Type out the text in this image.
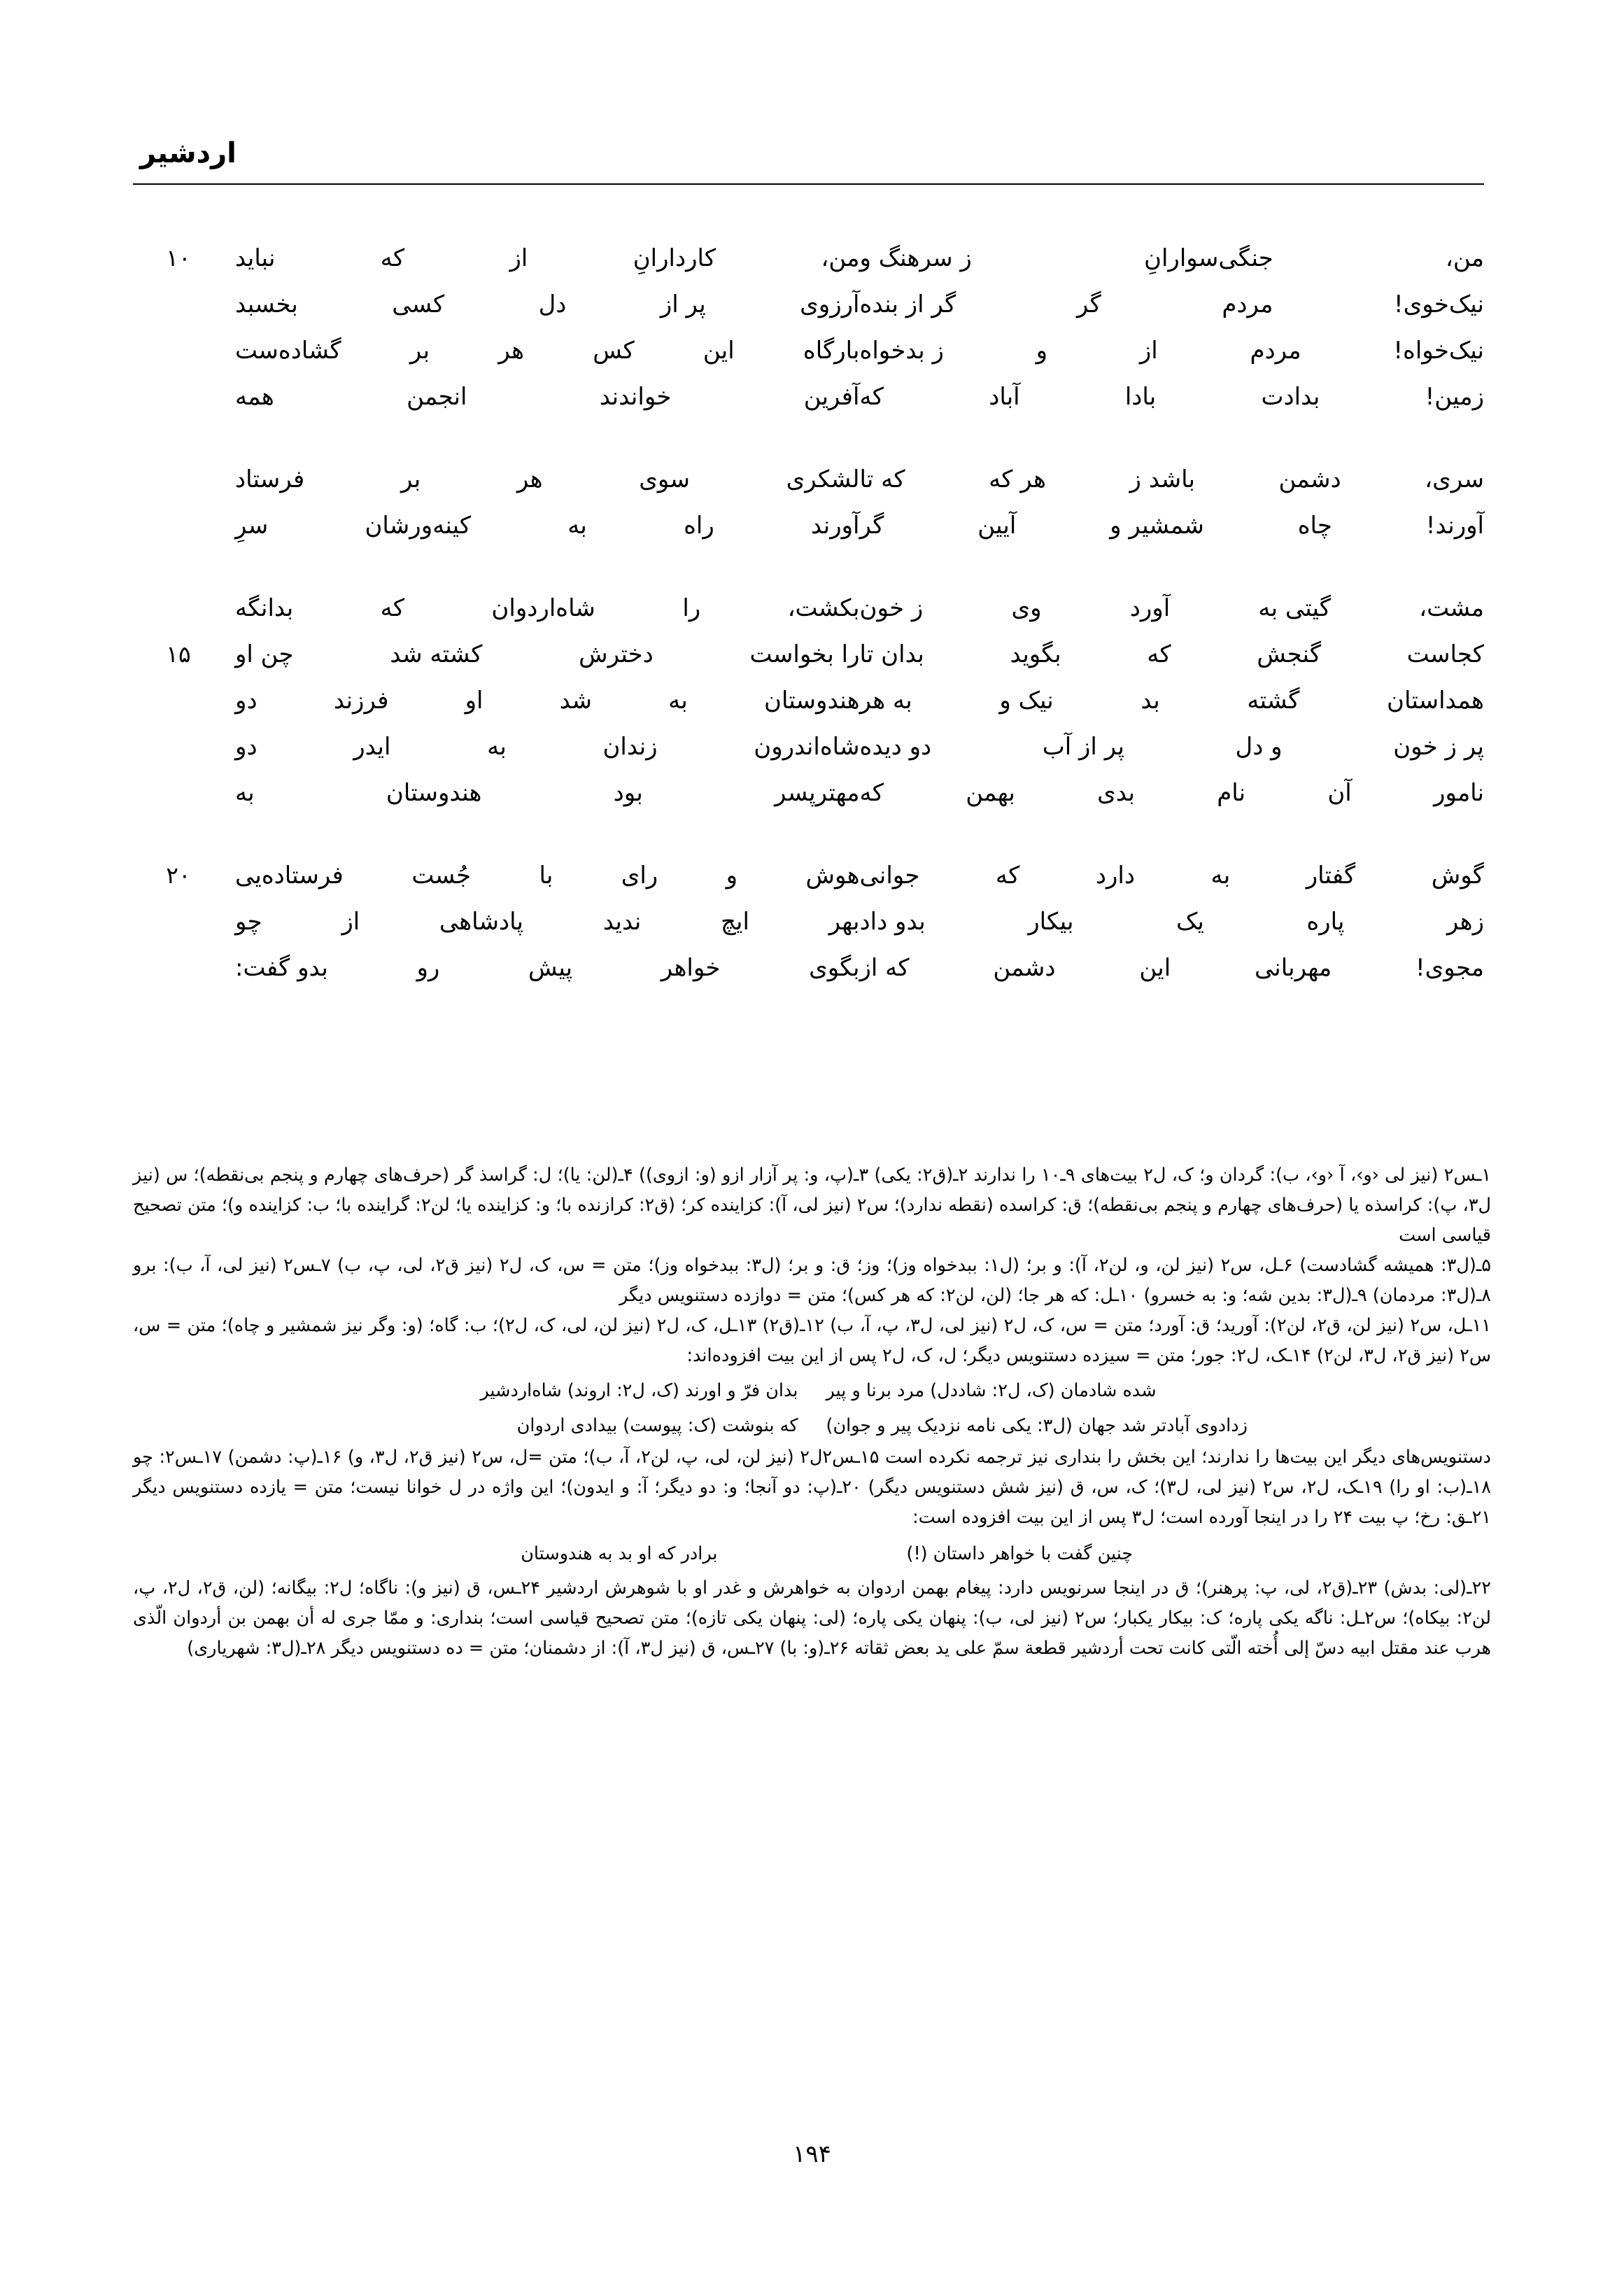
اردشیر
۱۰	نباید	که	از	کاردارانِ	من، ز سرهنگ و	جنگی‌سوارانِ	من،
بخسبد	کسی	دل	پر از	آرزوی گر از بنده	گر	مردم	نیک‌خوی!
گشاده‌ست	بر	هر	کس	این	بارگاه ز بدخواه	و	از	مردم	نیک‌خواه!
همه	انجمن	خواندند	آفرین که	آباد	بادا	بدادت	زمین!
فرستاد	بر	هر	سوی	لشکری که تا	هر که	باشد ز	دشمن	سری،
سرِ	کینه‌ورشان	به	راه	آورند گر	آیین	شمشیر و	چاه	آورند!
بدانگه	که	شاه‌اردوان	را	بکشت، ز خون	وی	آورد	گیتی به	مشت،
۱۵	چن او	کشته شد	دخترش	را بخواست بدان تا	بگوید	که	گنجش	کجاست
دو	فرزند	او	شد	به	هندوستان به هر	نیک و	بد	گشته	همداستان
دو	ایدر	به	زندان	شاه‌اندرون دو دیده	پر از آب	و دل	پر ز خون
به	هندوستان	بود	مهترپسر که	بهمن	بدی	نام	آن	نامور
۲۰	فرستاده‌یی	جُست	با	رای	و	هوش جوانی	که	دارد	به	گفتار	گوش
چو	از	پادشاهی	ندید	ایچ	بهر بدو داد	بیکار	یک	پاره	زهر
بدو گفت:	رو	پیش	خواهر	بگوی که از	دشمن	این	مهربانی	مجوی!

۱ـس۲ (نیز لی ‹و›، آ ‹و›، ب): گردان و؛ ک، ل۲ بیت‌های ۹ـ۱۰ را ندارند ۲ـ(ق۲: یکی) ۳ـ(پ، و: پر آزار ازو (و: ازوی)) ۴ـ(لن: یا)؛ ل: گراسذ گر (حرف‌های چهارم و پنجم بی‌نقطه)؛ س (نیز ل۳، پ): کراسذه یا (حرف‌های چهارم و پنجم بی‌نقطه)؛ ق: کراسده (نقطه ندارد)؛ س۲ (نیز لی، آ): کزاینده کر؛ (ق۲: کرازنده با؛ و: کزاینده یا؛ لن۲: گراینده با؛ ب: کزاینده و)؛ متن تصحیح قیاسی است

۵ـ(ل۳: همیشه گشادست) ۶ـل، س۲ (نیز لن، و، لن۲، آ): و بر؛ (ل۱: ببدخواه وز)؛ وز؛ ق: و بر؛ (ل۳: ببدخواه وز)؛ متن = س، ک، ل۲ (نیز ق۲، لی، پ، ب) ۷ـس۲ (نیز لی، آ، ب): برو ۸ـ(ل۳: مردمان) ۹ـ(ل۳: بدین شه؛ و: به خسرو) ۱۰ـل: که هر جا؛ (لن، لن۲: که هر کس)؛ متن = دوازده دستنویس دیگر

۱۱ـل، س۲ (نیز لن، ق۲، لن۲): آورید؛ ق: آورد؛ متن = س، ک، ل۲ (نیز لی، ل۳، پ، آ، ب) ۱۲ـ(ق۲) ۱۳ـل، ک، ل۲ (نیز لن، لی، ک، ل۲)؛ ب: گاه؛ (و: وگر نیز شمشیر و چاه)؛ متن = س، س۲ (نیز ق۲، ل۳، لن۲) ۱۴ـک، ل۲: جور؛ متن = سیزده دستنویس دیگر؛ ل، ک، ل۲ پس از این بیت افزوده‌اند:

بدان فرّ و اورند (ک، ل۲: اروند) شاه‌اردشیر	شده شادمان (ک، ل۲: شاددل) مرد برنا و پیر
که بنوشت (ک: پیوست) بیدادی اردوان	زدادوی آبادتر شد جهان (ل۳: یکی نامه نزدیک پیر و جوان)

دستنویس‌های دیگر این بیت‌ها را ندارند؛ این بخش را بنداری نیز ترجمه نکرده است ۱۵ـس۲ل۲ (نیز لن، لی، پ، لن۲، آ، ب)؛ متن =ل، س۲ (نیز ق۲، ل۳، و) ۱۶ـ(پ: دشمن) ۱۷ـس۲: چو ۱۸ـ(ب: او را) ۱۹ـک، ل۲، س۲ (نیز لی، ل۳)؛ ک، س، ق (نیز شش دستنویس دیگر) ۲۰ـ(پ: دو آنجا؛ و: دو دیگر؛ آ: و ایدون)؛ این واژه در ل خوانا نیست؛ متن = یازده دستنویس دیگر ۲۱ـق: رخ؛ پ بیت ۲۴ را در اینجا آورده است؛ ل۳ پس از این بیت افزوده است:

برادر که او بد به هندوستان	چنین گفت با خواهر داستان (!)

۲۲ـ(لی: بدش) ۲۳ـ(ق۲، لی، پ: پرهنر)؛ ق در اینجا سرنویس دارد: پیغام بهمن اردوان به خواهرش و غدر او با شوهرش اردشیر ۲۴ـس، ق (نیز و): ناگاه؛ ل۲: بیگانه؛ (لن، ق۲، ل۲، پ، لن۲: بیکاه)؛ س۲ـل: ناگه یکی پاره؛ ک: بیکار یکبار؛ س۲ (نیز لی، ب): پنهان یکی پاره؛ (لی: پنهان یکی تازه)؛ متن تصحیح قیاسی است؛ بنداری: و ممّا جری له أن بهمن بن أردوان الّذی هرب عند مقتل ابیه دسّ إلی أُخته الّتی کانت تحت أردشیر قطعة سمّ علی ید بعض ثقاته ۲۶ـ(و: با) ۲۷ـس، ق (نیز ل۳، آ): از دشمنان؛ متن = ده دستنویس دیگر ۲۸ـ(ل۳: شهریاری)

۱۹۴
